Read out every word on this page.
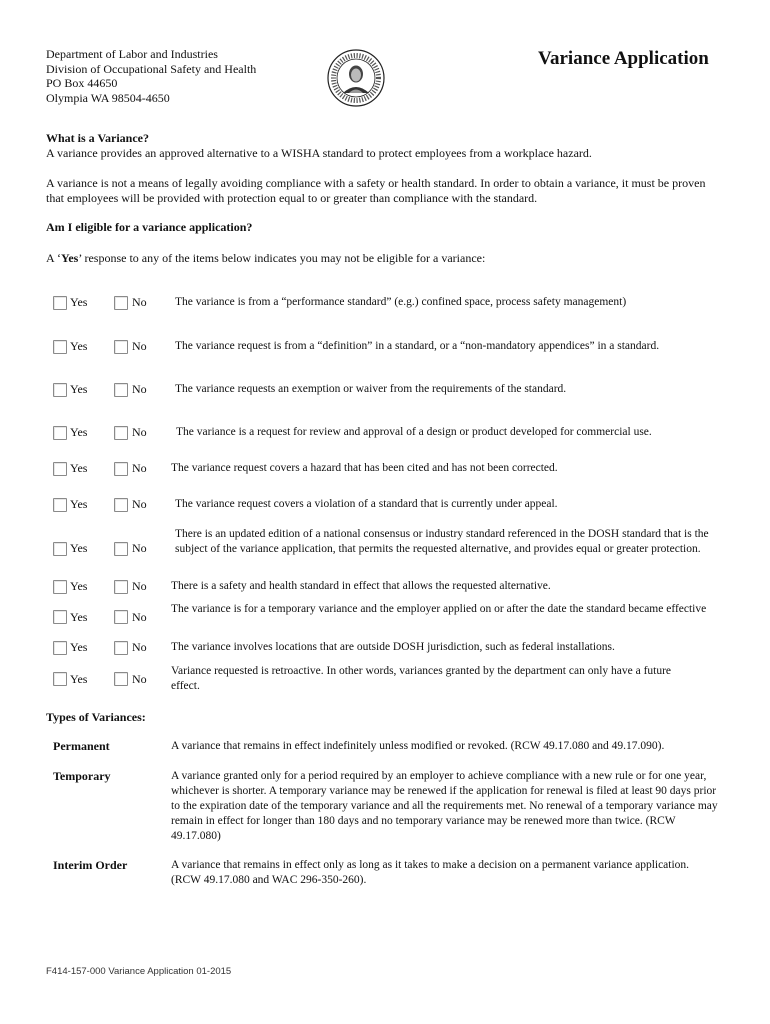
Department of Labor and Industries
Division of Occupational Safety and Health
PO Box 44650
Olympia WA 98504-4650
Variance Application
What is a Variance?
A variance provides an approved alternative to a WISHA standard to protect employees from a workplace hazard.
A variance is not a means of legally avoiding compliance with a safety or health standard. In order to obtain a variance, it must be proven that employees will be provided with protection equal to or greater than compliance with the standard.
Am I eligible for a variance application?
A ‘Yes’ response to any of the items below indicates you may not be eligible for a variance:
Yes	No The variance is from a “performance standard” (e.g.) confined space, process safety management)
Yes	No The variance request is from a “definition” in a standard, or a “non-mandatory appendices” in a standard.
Yes	No The variance requests an exemption or waiver from the requirements of the standard.
Yes	No	The variance is a request for review and approval of a design or product developed for commercial use.
Yes	No The variance request covers a hazard that has been cited and has not been corrected.
Yes	No The variance request covers a violation of a standard that is currently under appeal.
Yes	No
There is an updated edition of a national consensus or industry standard referenced in the DOSH standard that is the subject of the variance application, that permits the requested alternative, and provides equal or greater protection.
Yes	No There is a safety and health standard in effect that allows the requested alternative.
Yes	No
The variance is for a temporary variance and the employer applied on or after the date the standard became effective
Yes	No The variance involves locations that are outside DOSH jurisdiction, such as federal installations.
Yes	No
Variance requested is retroactive. In other words, variances granted by the department can only have a future effect.
Types of Variances:
Permanent	A variance that remains in effect indefinitely unless modified or revoked. (RCW 49.17.080 and 49.17.090).
Temporary	A variance granted only for a period required by an employer to achieve compliance with a new rule or for one year, whichever is shorter. A temporary variance may be renewed if the application for renewal is filed at least 90 days prior to the expiration date of the temporary variance and all the requirements met. No renewal of a temporary variance may remain in effect for longer than 180 days and no temporary variance may be renewed more than twice. (RCW 49.17.080)
Interim Order	A variance that remains in effect only as long as it takes to make a decision on a permanent variance application. (RCW 49.17.080 and WAC 296-350-260).
F414-157-000 Variance Application 01-2015
